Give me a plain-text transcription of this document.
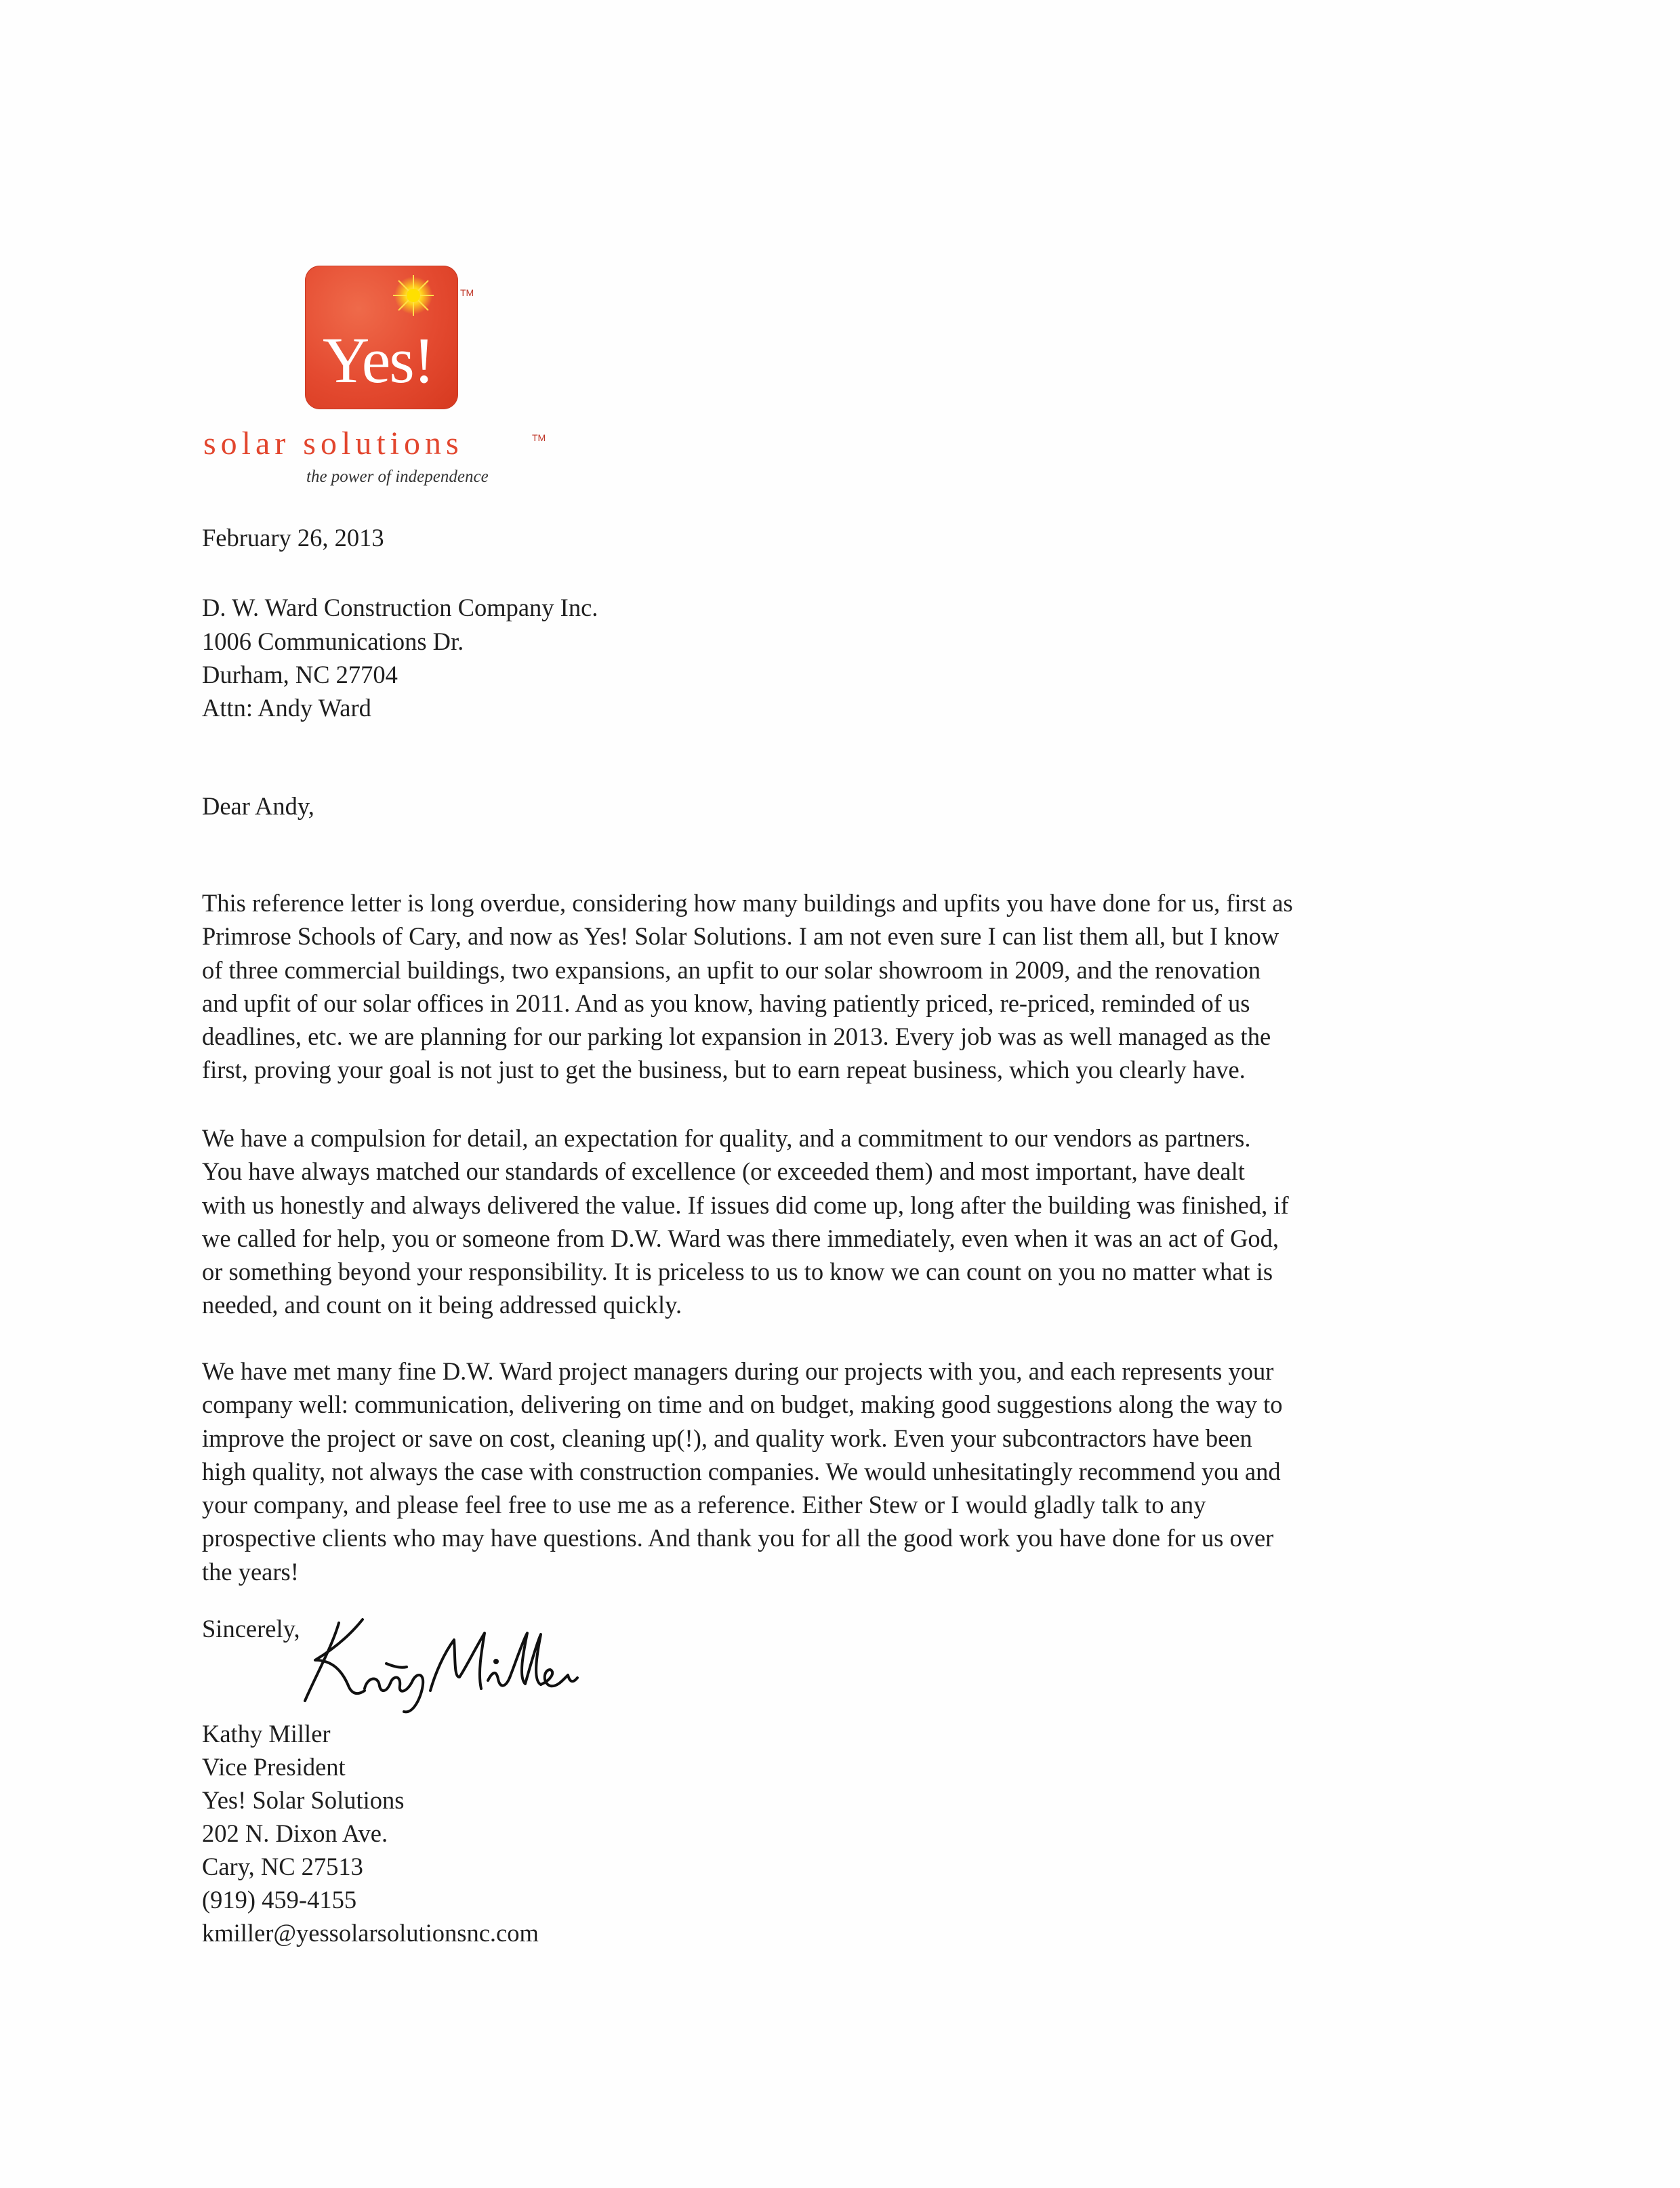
Yes!
TM
solar solutions	TM
the power of independence
February 26, 2013
D. W. Ward Construction Company Inc.
1006 Communications Dr.
Durham, NC 27704
Attn: Andy Ward
Dear Andy,
This reference letter is long overdue, considering how many buildings and upfits you have done for us, first as
Primrose Schools of Cary, and now as Yes! Solar Solutions. I am not even sure I can list them all, but I know
of three commercial buildings, two expansions, an upfit to our solar showroom in 2009, and the renovation
and upfit of our solar offices in 2011. And as you know, having patiently priced, re-priced, reminded of us
deadlines, etc. we are planning for our parking lot expansion in 2013. Every job was as well managed as the
first, proving your goal is not just to get the business, but to earn repeat business, which you clearly have.
We have a compulsion for detail, an expectation for quality, and a commitment to our vendors as partners.
You have always matched our standards of excellence (or exceeded them) and most important, have dealt
with us honestly and always delivered the value. If issues did come up, long after the building was finished, if
we called for help, you or someone from D.W. Ward was there immediately, even when it was an act of God,
or something beyond your responsibility. It is priceless to us to know we can count on you no matter what is
needed, and count on it being addressed quickly.
We have met many fine D.W. Ward project managers during our projects with you, and each represents your
company well: communication, delivering on time and on budget, making good suggestions along the way to
improve the project or save on cost, cleaning up(!), and quality work. Even your subcontractors have been
high quality, not always the case with construction companies. We would unhesitatingly recommend you and
your company, and please feel free to use me as a reference. Either Stew or I would gladly talk to any
prospective clients who may have questions. And thank you for all the good work you have done for us over
the years!
Sincerely,
Kathy Miller
Vice President
Yes! Solar Solutions
202 N. Dixon Ave.
Cary, NC 27513
(919) 459-4155
kmiller@yessolarsolutionsnc.com
